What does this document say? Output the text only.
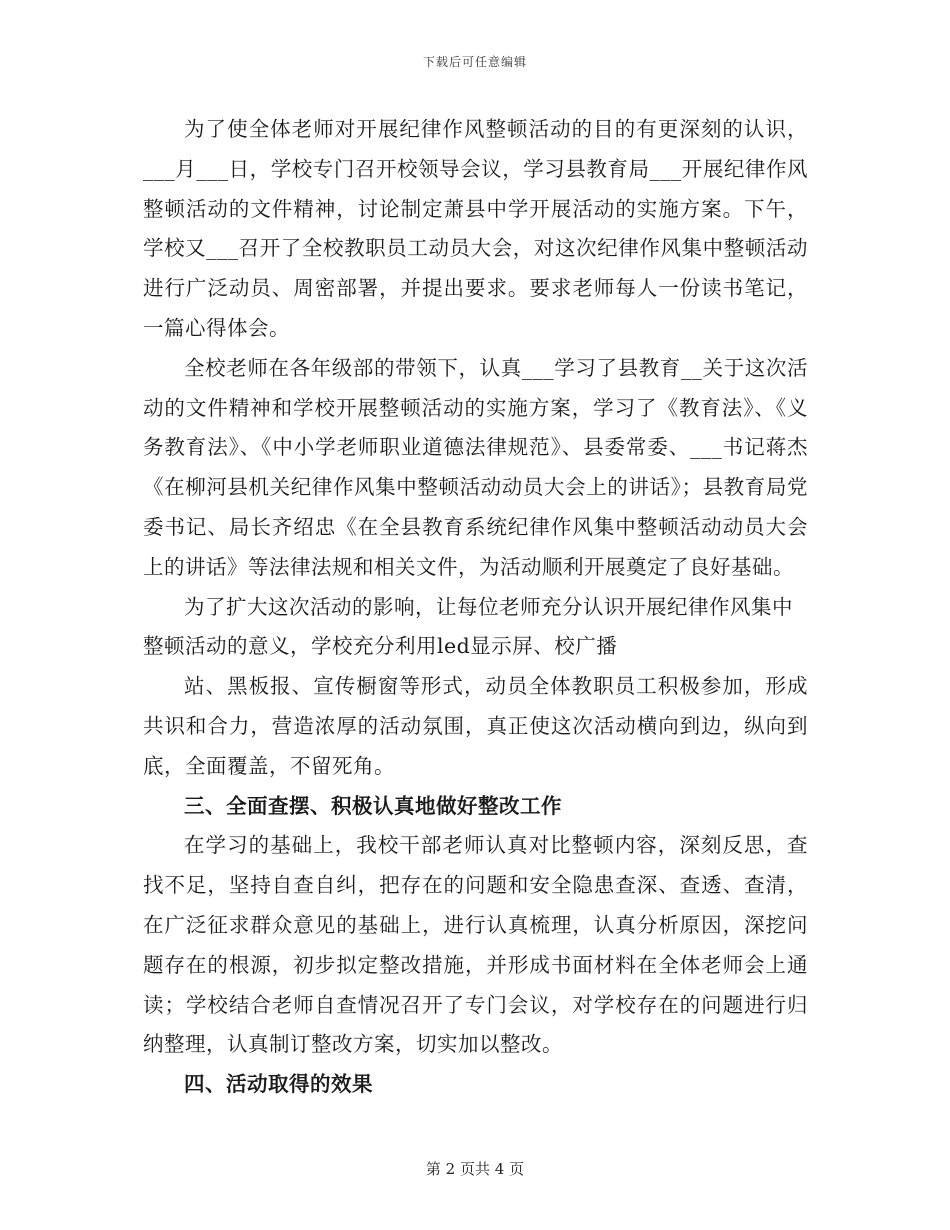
下载后可任意编辑

为了使全体老师对开展纪律作风整顿活动的目的有更深刻的认识，___月___日，学校专门召开校领导会议，学习县教育局___开展纪律作风整顿活动的文件精神，讨论制定萧县中学开展活动的实施方案。下午，学校又___召开了全校教职员工动员大会，对这次纪律作风集中整顿活动进行广泛动员、周密部署，并提出要求。要求老师每人一份读书笔记，一篇心得体会。

全校老师在各年级部的带领下，认真___学习了县教育__关于这次活动的文件精神和学校开展整顿活动的实施方案，学习了《教育法》、《义务教育法》、《中小学老师职业道德法律规范》、县委常委、___书记蒋杰《在柳河县机关纪律作风集中整顿活动动员大会上的讲话》；县教育局党委书记、局长齐绍忠《在全县教育系统纪律作风集中整顿活动动员大会上的讲话》等法律法规和相关文件，为活动顺利开展奠定了良好基础。

为了扩大这次活动的影响，让每位老师充分认识开展纪律作风集中整顿活动的意义，学校充分利用led显示屏、校广播

站、黑板报、宣传橱窗等形式，动员全体教职员工积极参加，形成共识和合力，营造浓厚的活动氛围，真正使这次活动横向到边，纵向到底，全面覆盖，不留死角。

三、全面查摆、积极认真地做好整改工作

在学习的基础上，我校干部老师认真对比整顿内容，深刻反思，查找不足，坚持自查自纠，把存在的问题和安全隐患查深、查透、查清，在广泛征求群众意见的基础上，进行认真梳理，认真分析原因，深挖问题存在的根源，初步拟定整改措施，并形成书面材料在全体老师会上通读；学校结合老师自查情况召开了专门会议，对学校存在的问题进行归纳整理，认真制订整改方案，切实加以整改。

四、活动取得的效果

第 2 页共 4 页
